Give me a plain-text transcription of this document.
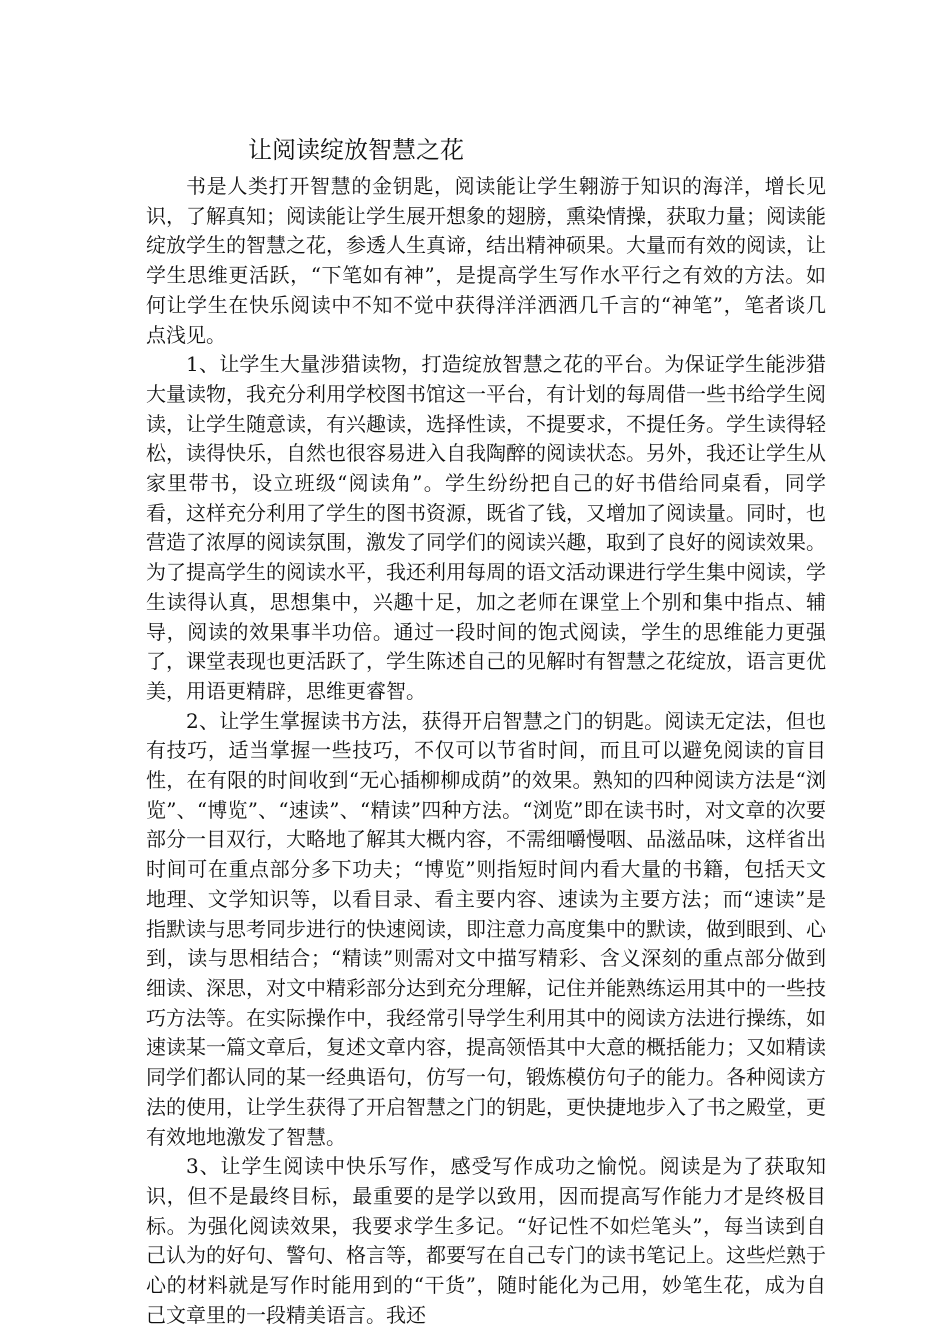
让阅读绽放智慧之花

书是人类打开智慧的金钥匙，阅读能让学生翱游于知识的海洋，增长见识，了解真知；阅读能让学生展开想象的翅膀，熏染情操，获取力量；阅读能绽放学生的智慧之花，参透人生真谛，结出精神硕果。大量而有效的阅读，让学生思维更活跃，“下笔如有神”，是提高学生写作水平行之有效的方法。如何让学生在快乐阅读中不知不觉中获得洋洋洒洒几千言的“神笔”，笔者谈几点浅见。

1、让学生大量涉猎读物，打造绽放智慧之花的平台。为保证学生能涉猎大量读物，我充分利用学校图书馆这一平台，有计划的每周借一些书给学生阅读，让学生随意读，有兴趣读，选择性读，不提要求，不提任务。学生读得轻松，读得快乐，自然也很容易进入自我陶醉的阅读状态。另外，我还让学生从家里带书，设立班级“阅读角”。学生纷纷把自己的好书借给同桌看，同学看，这样充分利用了学生的图书资源，既省了钱，又增加了阅读量。同时，也营造了浓厚的阅读氛围，激发了同学们的阅读兴趣，取到了良好的阅读效果。为了提高学生的阅读水平，我还利用每周的语文活动课进行学生集中阅读，学生读得认真，思想集中，兴趣十足，加之老师在课堂上个别和集中指点、辅导，阅读的效果事半功倍。通过一段时间的饱式阅读，学生的思维能力更强了，课堂表现也更活跃了，学生陈述自己的见解时有智慧之花绽放，语言更优美，用语更精辟，思维更睿智。

2、让学生掌握读书方法，获得开启智慧之门的钥匙。阅读无定法，但也有技巧，适当掌握一些技巧，不仅可以节省时间，而且可以避免阅读的盲目性，在有限的时间收到“无心插柳柳成荫”的效果。熟知的四种阅读方法是“浏览”、“博览”、“速读”、“精读”四种方法。“浏览”即在读书时，对文章的次要部分一目双行，大略地了解其大概内容，不需细嚼慢咽、品滋品味，这样省出时间可在重点部分多下功夫；“博览”则指短时间内看大量的书籍，包括天文地理、文学知识等，以看目录、看主要内容、速读为主要方法；而“速读”是指默读与思考同步进行的快速阅读，即注意力高度集中的默读，做到眼到、心到，读与思相结合；“精读”则需对文中描写精彩、含义深刻的重点部分做到细读、深思，对文中精彩部分达到充分理解，记住并能熟练运用其中的一些技巧方法等。在实际操作中，我经常引导学生利用其中的阅读方法进行操练，如速读某一篇文章后，复述文章内容，提高领悟其中大意的概括能力；又如精读同学们都认同的某一经典语句，仿写一句，锻炼模仿句子的能力。各种阅读方法的使用，让学生获得了开启智慧之门的钥匙，更快捷地步入了书之殿堂，更有效地地激发了智慧。

3、让学生阅读中快乐写作，感受写作成功之愉悦。阅读是为了获取知识，但不是最终目标，最重要的是学以致用，因而提高写作能力才是终极目标。为强化阅读效果，我要求学生多记。“好记性不如烂笔头”，每当读到自己认为的好句、警句、格言等，都要写在自己专门的读书笔记上。这些烂熟于心的材料就是写作时能用到的“干货”，随时能化为己用，妙笔生花，成为自己文章里的一段精美语言。我还
